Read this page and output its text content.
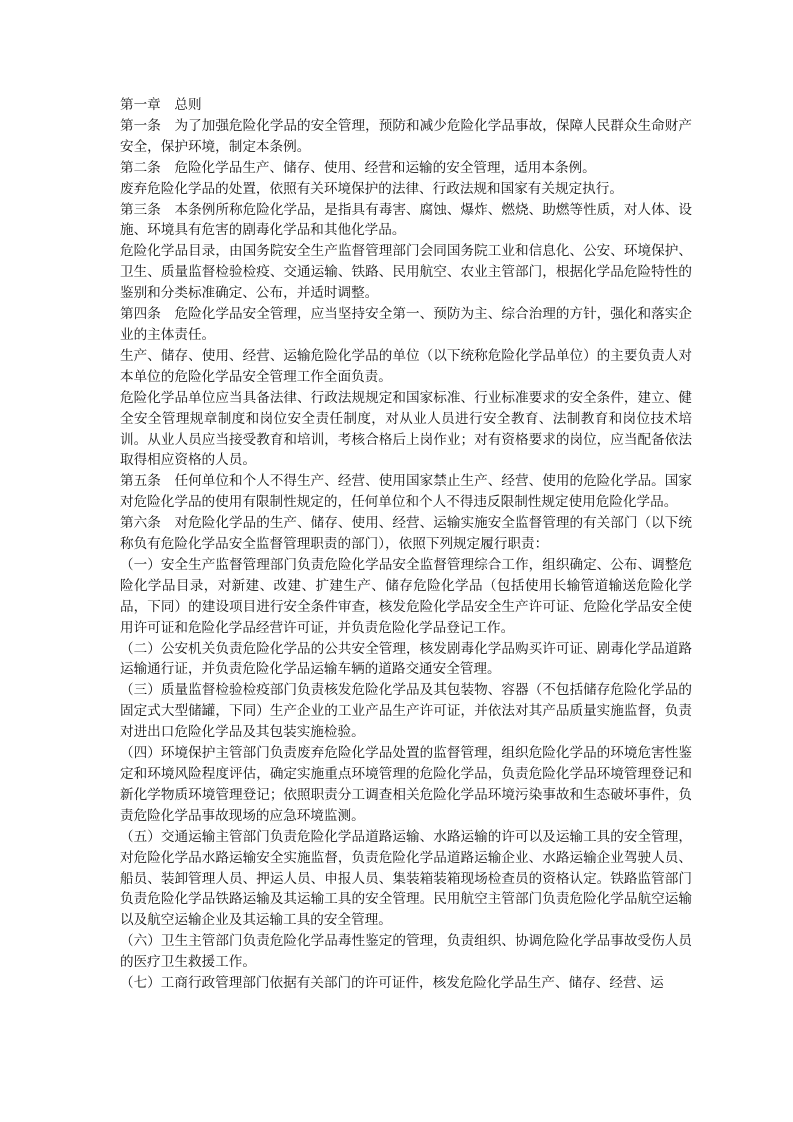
第一章　总则

第一条　为了加强危险化学品的安全管理，预防和减少危险化学品事故，保障人民群众生命财产安全，保护环境，制定本条例。

第二条　危险化学品生产、储存、使用、经营和运输的安全管理，适用本条例。

废弃危险化学品的处置，依照有关环境保护的法律、行政法规和国家有关规定执行。

第三条　本条例所称危险化学品，是指具有毒害、腐蚀、爆炸、燃烧、助燃等性质，对人体、设施、环境具有危害的剧毒化学品和其他化学品。

危险化学品目录，由国务院安全生产监督管理部门会同国务院工业和信息化、公安、环境保护、卫生、质量监督检验检疫、交通运输、铁路、民用航空、农业主管部门，根据化学品危险特性的鉴别和分类标准确定、公布，并适时调整。

第四条　危险化学品安全管理，应当坚持安全第一、预防为主、综合治理的方针，强化和落实企业的主体责任。

生产、储存、使用、经营、运输危险化学品的单位（以下统称危险化学品单位）的主要负责人对本单位的危险化学品安全管理工作全面负责。

危险化学品单位应当具备法律、行政法规规定和国家标准、行业标准要求的安全条件，建立、健全安全管理规章制度和岗位安全责任制度，对从业人员进行安全教育、法制教育和岗位技术培训。从业人员应当接受教育和培训，考核合格后上岗作业；对有资格要求的岗位，应当配备依法取得相应资格的人员。

第五条　任何单位和个人不得生产、经营、使用国家禁止生产、经营、使用的危险化学品。国家对危险化学品的使用有限制性规定的，任何单位和个人不得违反限制性规定使用危险化学品。

第六条　对危险化学品的生产、储存、使用、经营、运输实施安全监督管理的有关部门（以下统称负有危险化学品安全监督管理职责的部门），依照下列规定履行职责：

（一）安全生产监督管理部门负责危险化学品安全监督管理综合工作，组织确定、公布、调整危险化学品目录，对新建、改建、扩建生产、储存危险化学品（包括使用长输管道输送危险化学品，下同）的建设项目进行安全条件审查，核发危险化学品安全生产许可证、危险化学品安全使用许可证和危险化学品经营许可证，并负责危险化学品登记工作。

（二）公安机关负责危险化学品的公共安全管理，核发剧毒化学品购买许可证、剧毒化学品道路运输通行证，并负责危险化学品运输车辆的道路交通安全管理。

（三）质量监督检验检疫部门负责核发危险化学品及其包装物、容器（不包括储存危险化学品的固定式大型储罐，下同）生产企业的工业产品生产许可证，并依法对其产品质量实施监督，负责对进出口危险化学品及其包装实施检验。

（四）环境保护主管部门负责废弃危险化学品处置的监督管理，组织危险化学品的环境危害性鉴定和环境风险程度评估，确定实施重点环境管理的危险化学品，负责危险化学品环境管理登记和新化学物质环境管理登记；依照职责分工调查相关危险化学品环境污染事故和生态破坏事件，负责危险化学品事故现场的应急环境监测。

（五）交通运输主管部门负责危险化学品道路运输、水路运输的许可以及运输工具的安全管理，对危险化学品水路运输安全实施监督，负责危险化学品道路运输企业、水路运输企业驾驶人员、船员、装卸管理人员、押运人员、申报人员、集装箱装箱现场检查员的资格认定。铁路监管部门负责危险化学品铁路运输及其运输工具的安全管理。民用航空主管部门负责危险化学品航空运输以及航空运输企业及其运输工具的安全管理。

（六）卫生主管部门负责危险化学品毒性鉴定的管理，负责组织、协调危险化学品事故受伤人员的医疗卫生救援工作。

（七）工商行政管理部门依据有关部门的许可证件，核发危险化学品生产、储存、经营、运
